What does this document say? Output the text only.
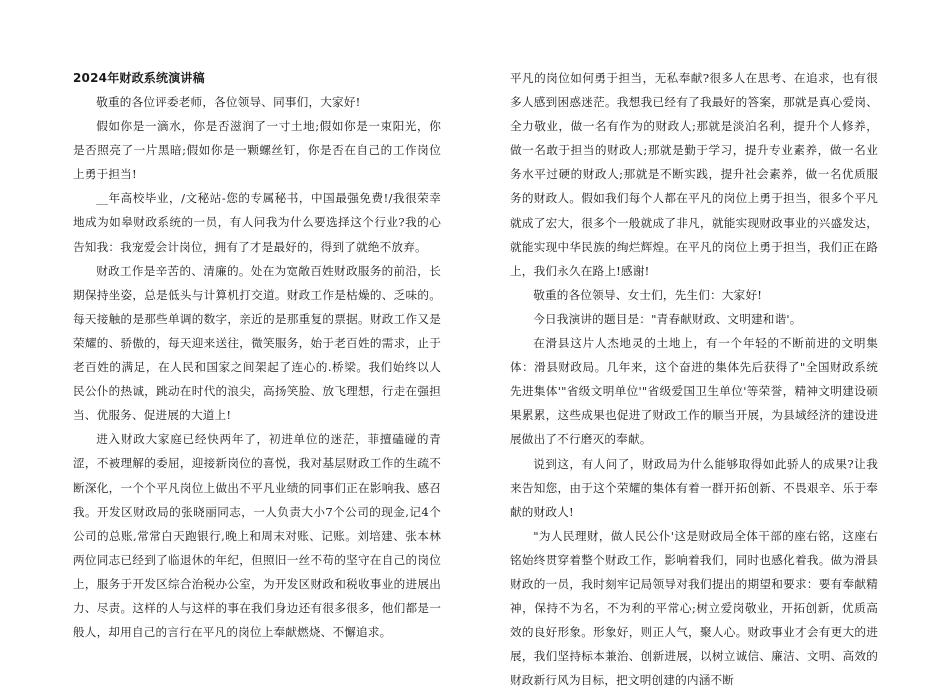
2024年财政系统演讲稿

敬重的各位评委老师，各位领导、同事们，大家好!

假如你是一滴水，你是否滋润了一寸土地;假如你是一束阳光，你是否照亮了一片黑暗;假如你是一颗螺丝钉，你是否在自己的工作岗位上勇于担当!

__年高校毕业，/文秘站-您的专属秘书，中国最强免费!/我很荣幸地成为如皋财政系统的一员，有人问我为什么要选择这个行业?我的心告知我：我宠爱会计岗位，拥有了才是最好的，得到了就绝不放弃。

财政工作是辛苦的、清廉的。处在为宽敞百姓财政服务的前沿，长期保持坐姿，总是低头与计算机打交道。财政工作是枯燥的、乏味的。每天接触的是那些单调的数字，亲近的是那重复的票据。财政工作又是荣耀的、骄傲的，每天迎来送往，微笑服务，始于老百姓的需求，止于老百姓的满足，在人民和国家之间架起了连心的.桥梁。我们始终以人民公仆的热诚，跳动在时代的浪尖，高扬笑脸、放飞理想，行走在强担当、优服务、促进展的大道上!

进入财政大家庭已经快两年了，初进单位的迷茫，菲擅磕碰的青涩，不被理解的委屈，迎接新岗位的喜悦，我对基层财政工作的生疏不断深化，一个个平凡岗位上做出不平凡业绩的同事们正在影响我、感召我。开发区财政局的张晓丽同志，一人负责大小7个公司的现金,记4个公司的总账,常常白天跑银行,晚上和周末对账、记账。刘培建、张本林两位同志已经到了临退休的年纪，但照旧一丝不苟的坚守在自己的岗位上，服务于开发区综合治税办公室，为开发区财政和税收事业的进展出力、尽责。这样的人与这样的事在我们身边还有很多很多，他们都是一般人，却用自己的言行在平凡的岗位上奉献燃烧、不懈追求。

平凡的岗位如何勇于担当，无私奉献?很多人在思考、在追求，也有很多人感到困惑迷茫。我想我已经有了我最好的答案，那就是真心爱岗、全力敬业，做一名有作为的财政人;那就是淡泊名利，提升个人修养，做一名敢于担当的财政人;那就是勤于学习，提升专业素养，做一名业务水平过硬的财政人;那就是不断实践，提升社会素养，做一名优质服务的财政人。假如我们每个人都在平凡的岗位上勇于担当，很多个平凡就成了宏大，很多个一般就成了非凡，就能实现财政事业的兴盛发达，就能实现中华民族的绚烂辉煌。在平凡的岗位上勇于担当，我们正在路上，我们永久在路上!感谢!

敬重的各位领导、女士们，先生们：大家好!

今日我演讲的题目是："青春献财政、文明建和谐'。

在滑县这片人杰地灵的土地上，有一个年轻的不断前进的文明集体：滑县财政局。几年来，这个奋进的集体先后获得了"全国财政系统先进集体'"省级文明单位'"省级爱国卫生单位'等荣誉，精神文明建设硕果累累，这些成果也促进了财政工作的顺当开展，为县域经济的建设进展做出了不行磨灭的奉献。

说到这，有人问了，财政局为什么能够取得如此骄人的成果?让我来告知您，由于这个荣耀的集体有着一群开拓创新、不畏艰辛、乐于奉献的财政人!

"为人民理财，做人民公仆'这是财政局全体干部的座右铭，这座右铭始终贯穿着整个财政工作，影响着我们，同时也感化着我。做为滑县财政的一员，我时刻牢记局领导对我们提出的期望和要求：要有奉献精神，保持不为名，不为利的平常心;树立爱岗敬业，开拓创新，优质高效的良好形象。形象好，则正人气，聚人心。财政事业才会有更大的进展，我们坚持标本兼治、创新进展，以树立诚信、廉洁、文明、高效的财政新行风为目标，把文明创建的内涵不断
